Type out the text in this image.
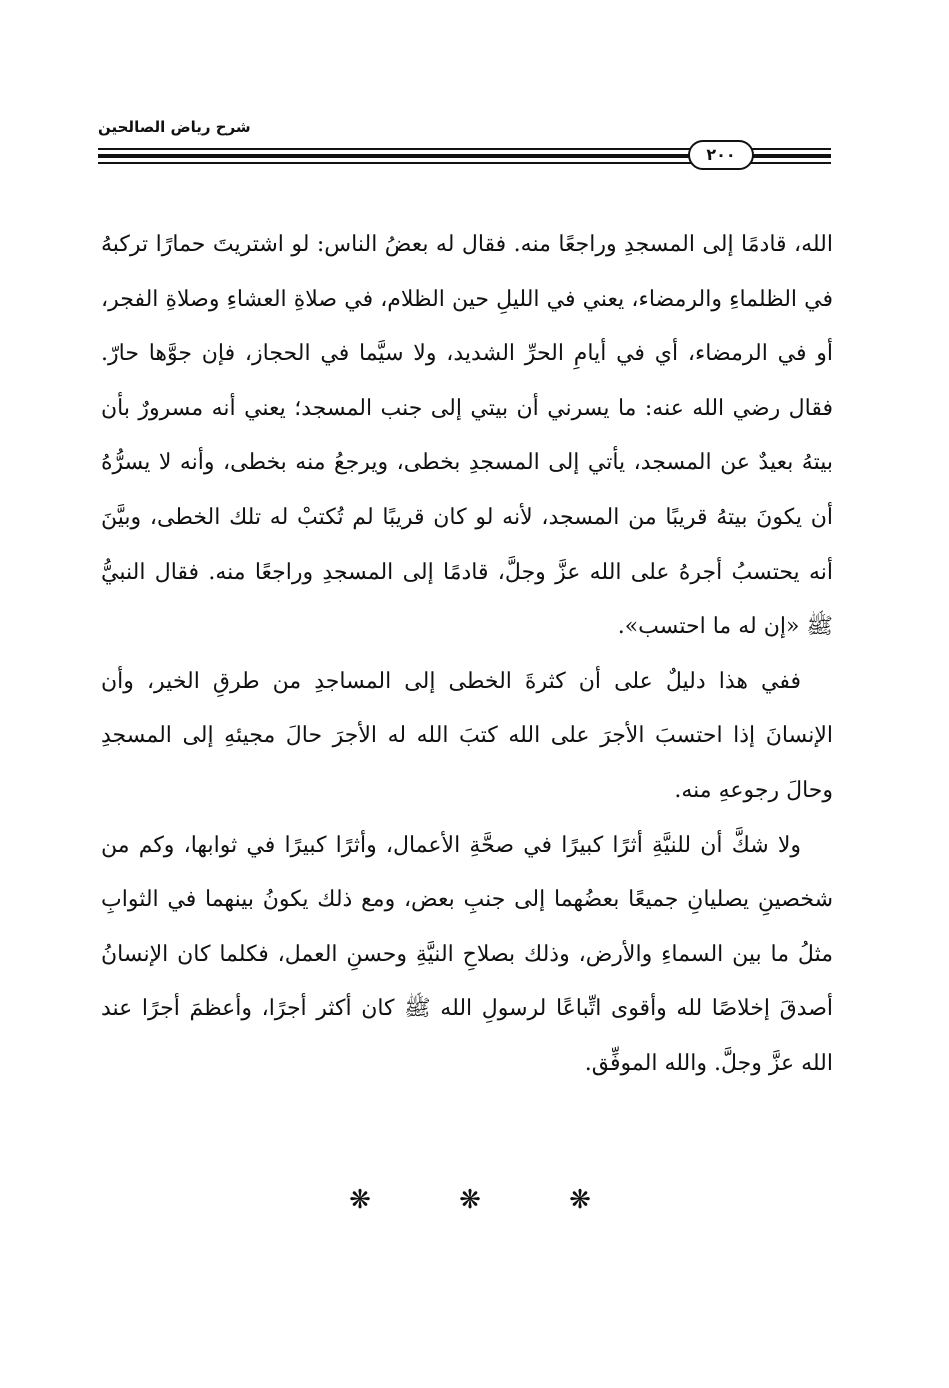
شرح رياض الصالحين
٢٠٠

الله، قادمًا إلى المسجدِ وراجعًا منه. فقال له بعضُ الناس: لو اشتريتَ حمارًا تركبهُ في الظلماءِ والرمضاء، يعني في الليلِ حين الظلام، في صلاةِ العشاءِ وصلاةِ الفجر، أو في الرمضاء، أي في أيامِ الحرِّ الشديد، ولا سيَّما في الحجاز، فإن جوَّها حارّ. فقال رضي الله عنه: ما يسرني أن بيتي إلى جنب المسجد؛ يعني أنه مسرورٌ بأن بيتهُ بعيدٌ عن المسجد، يأتي إلى المسجدِ بخطى، ويرجعُ منه بخطى، وأنه لا يسرُّهُ أن يكونَ بيتهُ قريبًا من المسجد، لأنه لو كان قريبًا لم تُكتبْ له تلك الخطى، وبيَّنَ أنه يحتسبُ أجرهُ على الله عزَّ وجلَّ، قادمًا إلى المسجدِ وراجعًا منه. فقال النبيُّ ﷺ «إن له ما احتسب».

ففي هذا دليلٌ على أن كثرةَ الخطى إلى المساجدِ من طرقِ الخير، وأن الإنسانَ إذا احتسبَ الأجرَ على الله كتبَ الله له الأجرَ حالَ مجيئهِ إلى المسجدِ وحالَ رجوعهِ منه.

ولا شكَّ أن للنيَّةِ أثرًا كبيرًا في صحَّةِ الأعمال، وأثرًا كبيرًا في ثوابها، وكم من شخصينِ يصليانِ جميعًا بعضُهما إلى جنبِ بعض، ومع ذلك يكونُ بينهما في الثوابِ مثلُ ما بين السماءِ والأرض، وذلك بصلاحِ النيَّةِ وحسنِ العمل، فكلما كان الإنسانُ أصدقَ إخلاصًا لله وأقوى اتِّباعًا لرسولِ الله ﷺ كان أكثر أجرًا، وأعظمَ أجرًا عند الله عزَّ وجلَّ. والله الموفِّق.

❋	❋	❋
